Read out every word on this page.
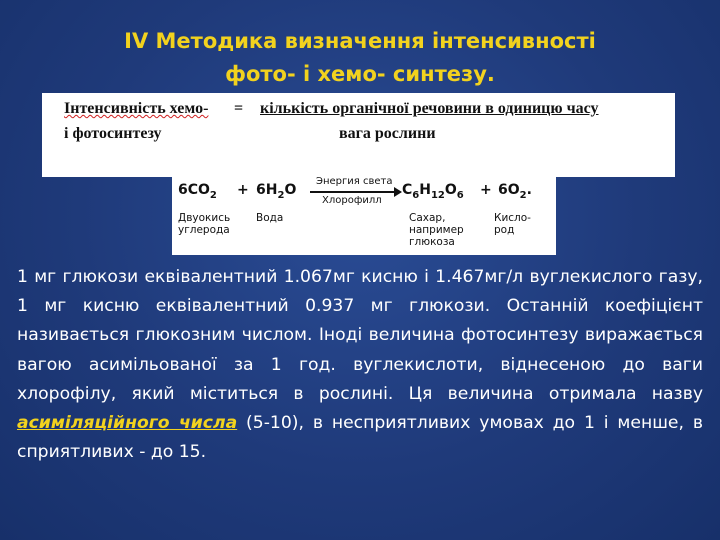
IV Методика визначення інтенсивності
фото- і хемо- синтезу.
Інтенсивність хемо- = кількість органічної речовини в одиницю часу
і фотосинтезу	вага рослини
$6CO_2 + 6H_2O$
Энергия света
Хлорофилл
$C_6H_{12}O_6 + 6O_2$.
Двуокись
углерода
Вода	Сахар,
например
глюкоза
Кисло-
род
1 мг глюкози еквівалентний 1.067мг кисню і 1.467мг/л вуглекислого газу, 1 мг кисню еквівалентний 0.937 мг глюкози. Останній коефіцієнт називається глюкозним числом. Іноді величина фотосинтезу виражається вагою асимільованої за 1 год. вуглекислоти, віднесеною до ваги хлорофілу, який міститься в рослині. Ця величина отримала назву асиміляційного числа (5-10), в несприятливих умовах до 1 і менше, в сприятливих - до 15.
